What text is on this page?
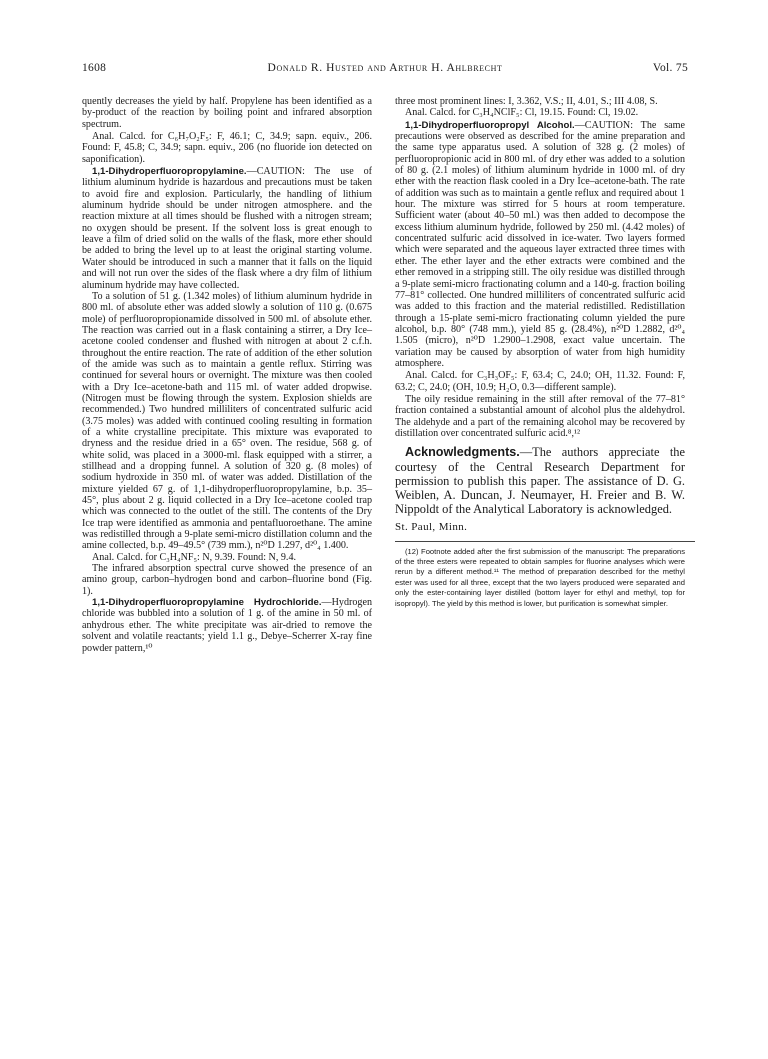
1608	Donald R. Husted and Arthur H. Ahlbrecht	Vol. 75

quently decreases the yield by half. Propylene has been identified as a by-product of the reaction by boiling point and infrared absorption spectrum.

Anal. Calcd. for C₆H₇O₂F₅: F, 46.1; C, 34.9; sapn. equiv., 206. Found: F, 45.8; C, 34.9; sapn. equiv., 206 (no fluoride ion detected on saponification).

1,1-Dihydroperfluoropropylamine.—CAUTION: The use of lithium aluminum hydride is hazardous and precautions must be taken to avoid fire and explosion. Particularly, the handling of lithium aluminum hydride should be under nitrogen atmosphere. and the reaction mixture at all times should be flushed with a nitrogen stream; no oxygen should be present. If the solvent loss is great enough to leave a film of dried solid on the walls of the flask, more ether should be added to bring the level up to at least the original starting volume. Water should be introduced in such a manner that it falls on the liquid and will not run over the sides of the flask where a dry film of lithium aluminum hydride may have collected.

To a solution of 51 g. (1.342 moles) of lithium aluminum hydride in 800 ml. of absolute ether was added slowly a solution of 110 g. (0.675 mole) of perfluoropropionamide dissolved in 500 ml. of absolute ether. The reaction was carried out in a flask containing a stirrer, a Dry Ice–acetone cooled condenser and flushed with nitrogen at about 2 c.f.h. throughout the entire reaction. The rate of addition of the ether solution of the amide was such as to maintain a gentle reflux. Stirring was continued for several hours or overnight. The mixture was then cooled with a Dry Ice–acetone-bath and 115 ml. of water added dropwise. (Nitrogen must be flowing through the system. Explosion shields are recommended.) Two hundred milliliters of concentrated sulfuric acid (3.75 moles) was added with continued cooling resulting in formation of a white crystalline precipitate. This mixture was evaporated to dryness and the residue dried in a 65° oven. The residue, 568 g. of white solid, was placed in a 3000-ml. flask equipped with a stirrer, a stillhead and a dropping funnel. A solution of 320 g. (8 moles) of sodium hydroxide in 350 ml. of water was added. Distillation of the mixture yielded 67 g. of 1,1-dihydroperfluoropropylamine, b.p. 35–45°, plus about 2 g. liquid collected in a Dry Ice–acetone cooled trap which was connected to the outlet of the still. The contents of the Dry Ice trap were identified as ammonia and pentafluoroethane. The amine was redistilled through a 9-plate semi-micro distillation column and the amine collected, b.p. 49–49.5° (739 mm.), n²⁰D 1.297, d²⁰₄ 1.400.

Anal. Calcd. for C₃H₄NF₅: N, 9.39. Found: N, 9.4.

The infrared absorption spectral curve showed the presence of an amino group, carbon–hydrogen bond and carbon–fluorine bond (Fig. 1).

1,1-Dihydroperfluoropropylamine Hydrochloride.—Hydrogen chloride was bubbled into a solution of 1 g. of the amine in 50 ml. of anhydrous ether. The white precipitate was air-dried to remove the solvent and volatile reactants; yield 1.1 g., Debye–Scherrer X-ray fine powder pattern,¹⁰

three most prominent lines: I, 3.362, V.S.; II, 4.01, S.; III 4.08, S.

Anal. Calcd. for C₃H₄NClF₅: Cl, 19.15. Found: Cl, 19.02.

1,1-Dihydroperfluoropropyl Alcohol.—CAUTION: The same precautions were observed as described for the amine preparation and the same type apparatus used. A solution of 328 g. (2 moles) of perfluoropropionic acid in 800 ml. of dry ether was added to a solution of 80 g. (2.1 moles) of lithium aluminum hydride in 1000 ml. of dry ether with the reaction flask cooled in a Dry Ice–acetone-bath. The rate of addition was such as to maintain a gentle reflux and required about 1 hour. The mixture was stirred for 5 hours at room temperature. Sufficient water (about 40–50 ml.) was then added to decompose the excess lithium aluminum hydride, followed by 250 ml. (4.42 moles) of concentrated sulfuric acid dissolved in ice-water. Two layers formed which were separated and the aqueous layer extracted three times with ether. The ether layer and the ether extracts were combined and the ether removed in a stripping still. The oily residue was distilled through a 9-plate semi-micro fractionating column and a 140-g. fraction boiling 77–81° collected. One hundred milliliters of concentrated sulfuric acid was added to this fraction and the material redistilled. Redistillation through a 15-plate semi-micro fractionating column yielded the pure alcohol, b.p. 80° (748 mm.), yield 85 g. (28.4%), n²⁰D 1.2882, d²⁰₄ 1.505 (micro), n²⁰D 1.2900–1.2908, exact value uncertain. The variation may be caused by absorption of water from high humidity atmosphere.

Anal. Calcd. for C₃H₃OF₅: F, 63.4; C, 24.0; OH, 11.32. Found: F, 63.2; C, 24.0; (OH, 10.9; H₂O, 0.3—different sample).

The oily residue remaining in the still after removal of the 77–81° fraction contained a substantial amount of alcohol plus the aldehydrol. The aldehyde and a part of the remaining alcohol may be recovered by distillation over concentrated sulfuric acid.⁸,¹²

Acknowledgments.—The authors appreciate the courtesy of the Central Research Department for permission to publish this paper. The assistance of D. G. Weiblen, A. Duncan, J. Neumayer, H. Freier and B. W. Nippoldt of the Analytical Laboratory is acknowledged.

St. Paul, Minn.

(12) Footnote added after the first submission of the manuscript: The preparations of the three esters were repeated to obtain samples for fluorine analyses which were rerun by a different method.¹¹ The method of preparation described for the methyl ester was used for all three, except that the two layers produced were separated and only the ester-containing layer distilled (bottom layer for ethyl and methyl, top for isopropyl). The yield by this method is lower, but purification is somewhat simpler.
